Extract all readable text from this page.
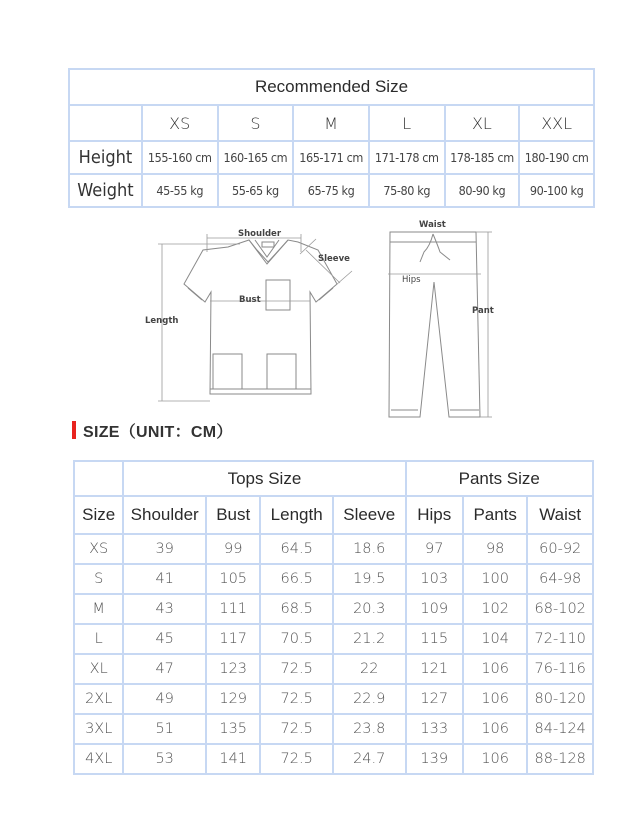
Recommended Size						
	XS	S	M	L	XL	XXL
Height	155-160 cm	160-165 cm	165-171 cm	171-178 cm	178-185 cm	180-190 cm
Weight	45-55 kg	55-65 kg	65-75 kg	75-80 kg	80-90 kg	90-100 kg
Shoulder
Sleeve
Bust
Length
Waist
Hips
Pant
SIZE（UNIT：CM）
	Tops Size				Pants Size		
Size	Shoulder	Bust	Length	Sleeve	Hips	Pants	Waist
XS	39	99	64.5	18.6	97	98	60-92
S	41	105	66.5	19.5	103	100	64-98
M	43	111	68.5	20.3	109	102	68-102
L	45	117	70.5	21.2	115	104	72-110
XL	47	123	72.5	22	121	106	76-116
2XL	49	129	72.5	22.9	127	106	80-120
3XL	51	135	72.5	23.8	133	106	84-124
4XL	53	141	72.5	24.7	139	106	88-128
